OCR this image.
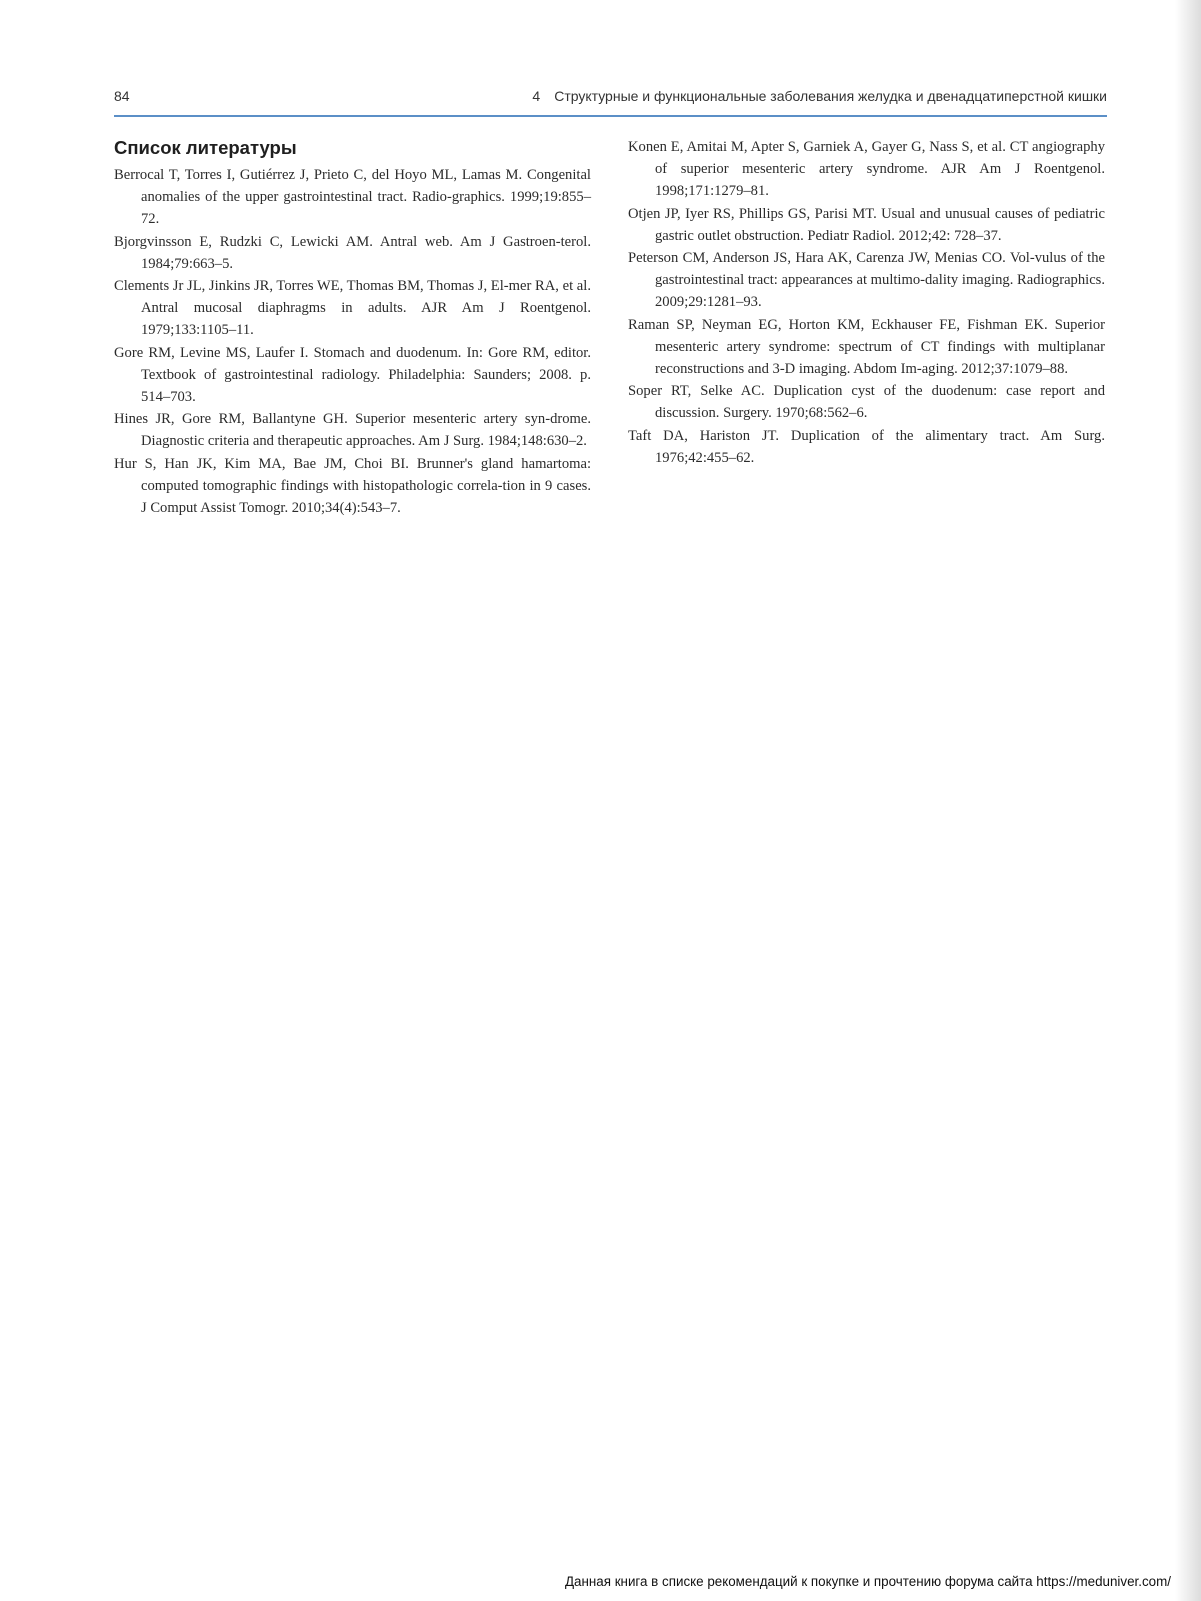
84	4 Структурные и функциональные заболевания желудка и двенадцатиперстной кишки
Список литературы
Berrocal T, Torres I, Gutiérrez J, Prieto C, del Hoyo ML, Lamas M. Congenital anomalies of the upper gastrointestinal tract. Radio-graphics. 1999;19:855–72.
Bjorgvinsson E, Rudzki C, Lewicki AM. Antral web. Am J Gastroen-terol. 1984;79:663–5.
Clements Jr JL, Jinkins JR, Torres WE, Thomas BM, Thomas J, El-mer RA, et al. Antral mucosal diaphragms in adults. AJR Am J Roentgenol. 1979;133:1105–11.
Gore RM, Levine MS, Laufer I. Stomach and duodenum. In: Gore RM, editor. Textbook of gastrointestinal radiology. Philadelphia: Saunders; 2008. p. 514–703.
Hines JR, Gore RM, Ballantyne GH. Superior mesenteric artery syn-drome. Diagnostic criteria and therapeutic approaches. Am J Surg. 1984;148:630–2.
Hur S, Han JK, Kim MA, Bae JM, Choi BI. Brunner's gland hamartoma: computed tomographic findings with histopathologic correla-tion in 9 cases. J Comput Assist Tomogr. 2010;34(4):543–7.
Konen E, Amitai M, Apter S, Garniek A, Gayer G, Nass S, et al. CT angiography of superior mesenteric artery syndrome. AJR Am J Roentgenol. 1998;171:1279–81.
Otjen JP, Iyer RS, Phillips GS, Parisi MT. Usual and unusual causes of pediatric gastric outlet obstruction. Pediatr Radiol. 2012;42: 728–37.
Peterson CM, Anderson JS, Hara AK, Carenza JW, Menias CO. Vol-vulus of the gastrointestinal tract: appearances at multimo-dality imaging. Radiographics. 2009;29:1281–93.
Raman SP, Neyman EG, Horton KM, Eckhauser FE, Fishman EK. Superior mesenteric artery syndrome: spectrum of CT findings with multiplanar reconstructions and 3-D imaging. Abdom Im-aging. 2012;37:1079–88.
Soper RT, Selke AC. Duplication cyst of the duodenum: case report and discussion. Surgery. 1970;68:562–6.
Taft DA, Hariston JT. Duplication of the alimentary tract. Am Surg. 1976;42:455–62.
Данная книга в списке рекомендаций к покупке и прочтению форума сайта https://meduniver.com/
